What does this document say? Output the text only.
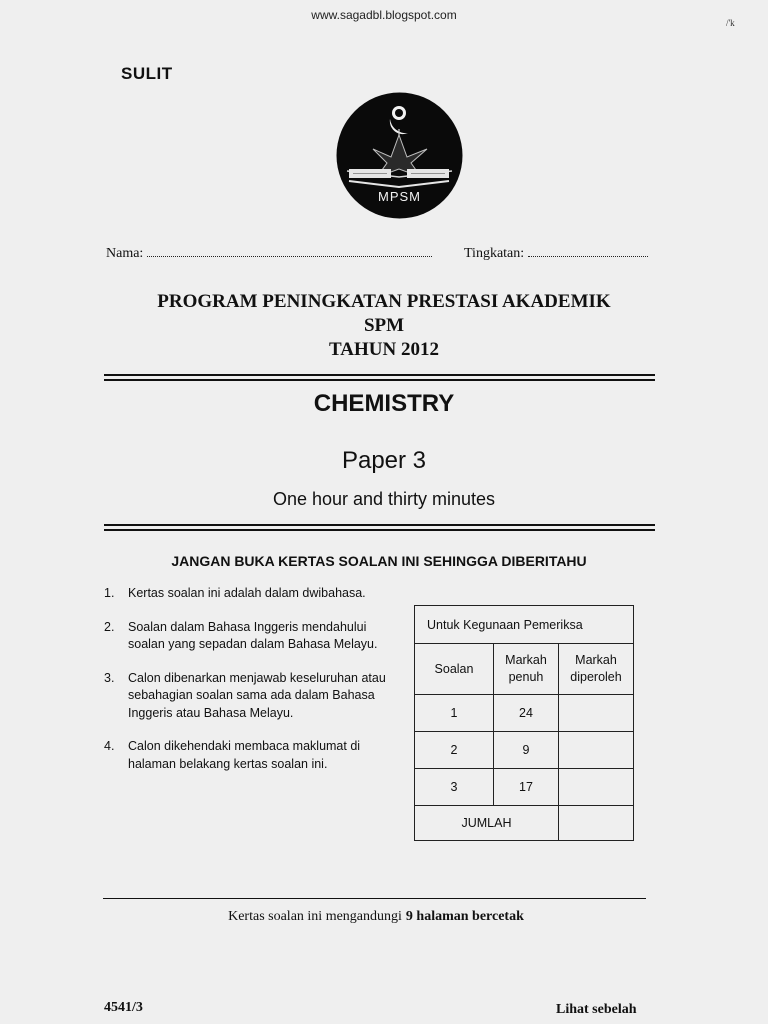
www.sagadbl.blogspot.com
/'k
SULIT
MPSM
Nama:	Tingkatan:
PROGRAM PENINGKATAN PRESTASI AKADEMIK
SPM
TAHUN 2012
CHEMISTRY
Paper 3
One hour and thirty minutes
JANGAN BUKA KERTAS SOALAN INI SEHINGGA DIBERITAHU
1.	Kertas soalan ini adalah dalam dwibahasa.
2.	Soalan dalam Bahasa Inggeris mendahului soalan yang sepadan dalam Bahasa Melayu.
3.	Calon dibenarkan menjawab keseluruhan atau sebahagian soalan sama ada dalam Bahasa Inggeris atau Bahasa Melayu.
4.	Calon dikehendaki membaca maklumat di halaman belakang kertas soalan ini.
Untuk Kegunaan Pemeriksa		
Soalan	Markah penuh	Markah diperoleh
1	24	
2	9	
3	17	
JUMLAH		
Kertas soalan ini mengandungi 9 halaman bercetak
4541/3	Lihat sebelah
